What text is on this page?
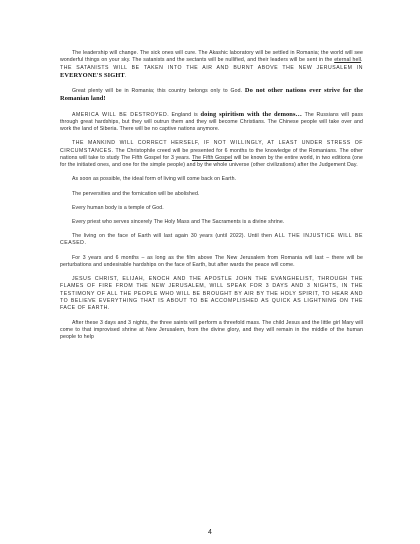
The leadership will change. The sick ones will cure. The Akashic laboratory will be settled in Romania; the world will see wonderful things on your sky. The satanists and the sectants will be nullified, and their leaders will be sent in the eternal hell. THE SATANISTS WILL BE TAKEN INTO THE AIR AND BURNT ABOVE THE NEW JERUSALEM IN EVERYONE'S SIGHT.

Great plenty will be in Romania; this country belongs only to God. Do not other nations ever strive for the Romanian land!

AMERICA WILL BE DESTROYED. England is doing spiritism with the demons… The Russians will pass through great hardships, but they will outrun them and they will become Christians. The Chinese people will take over and work the land of Siberia. There will be no captive nations anymore.

THE MANKIND WILL CORRECT HERSELF, IF NOT WILLINGLY, AT LEAST UNDER STRESS OF CIRCUMSTANCES. The Christophile creed will be presented for 6 months to the knowledge of the Romanians. The other nations will take to study The Fifth Gospel for 3 years. The Fifth Gospel will be known by the entire world, in two editions (one for the initiated ones, and one for the simple people) and by the whole universe (other civilizations) after the Judgement Day.

As soon as possible, the ideal form of living will come back on Earth.

The perversities and the fornication will be abolished.

Every human body is a temple of God.

Every priest who serves sincerely The Holy Mass and The Sacraments is a divine shrine.

The living on the face of Earth will last again 30 years (until 2022). Until then ALL THE INJUSTICE WILL BE CEASED.

For 3 years and 6 months – as long as the film above The New Jerusalem from Romania will last – there will be perturbations and undesirable hardships on the face of Earth, but after wards the peace will come.

JESUS CHRIST, ELIJAH, ENOCH AND THE APOSTLE JOHN THE EVANGHELIST, THROUGH THE FLAMES OF FIRE FROM THE NEW JERUSALEM, WILL SPEAK FOR 3 DAYS AND 3 NIGHTS, IN THE TESTIMONY OF ALL THE PEOPLE WHO WILL BE BROUGHT BY AIR BY THE HOLY SPIRIT, TO HEAR AND TO BELIEVE EVERYTHING THAT IS ABOUT TO BE ACCOMPLISHED AS QUICK AS LIGHTNING ON THE FACE OF EARTH.

After these 3 days and 3 nights, the three saints will perform a threefold mass. The child Jesus and the little girl Mary will come to that improvised shrine at New Jerusalem, from the divine glory, and they will remain in the middle of the human people to help

4
